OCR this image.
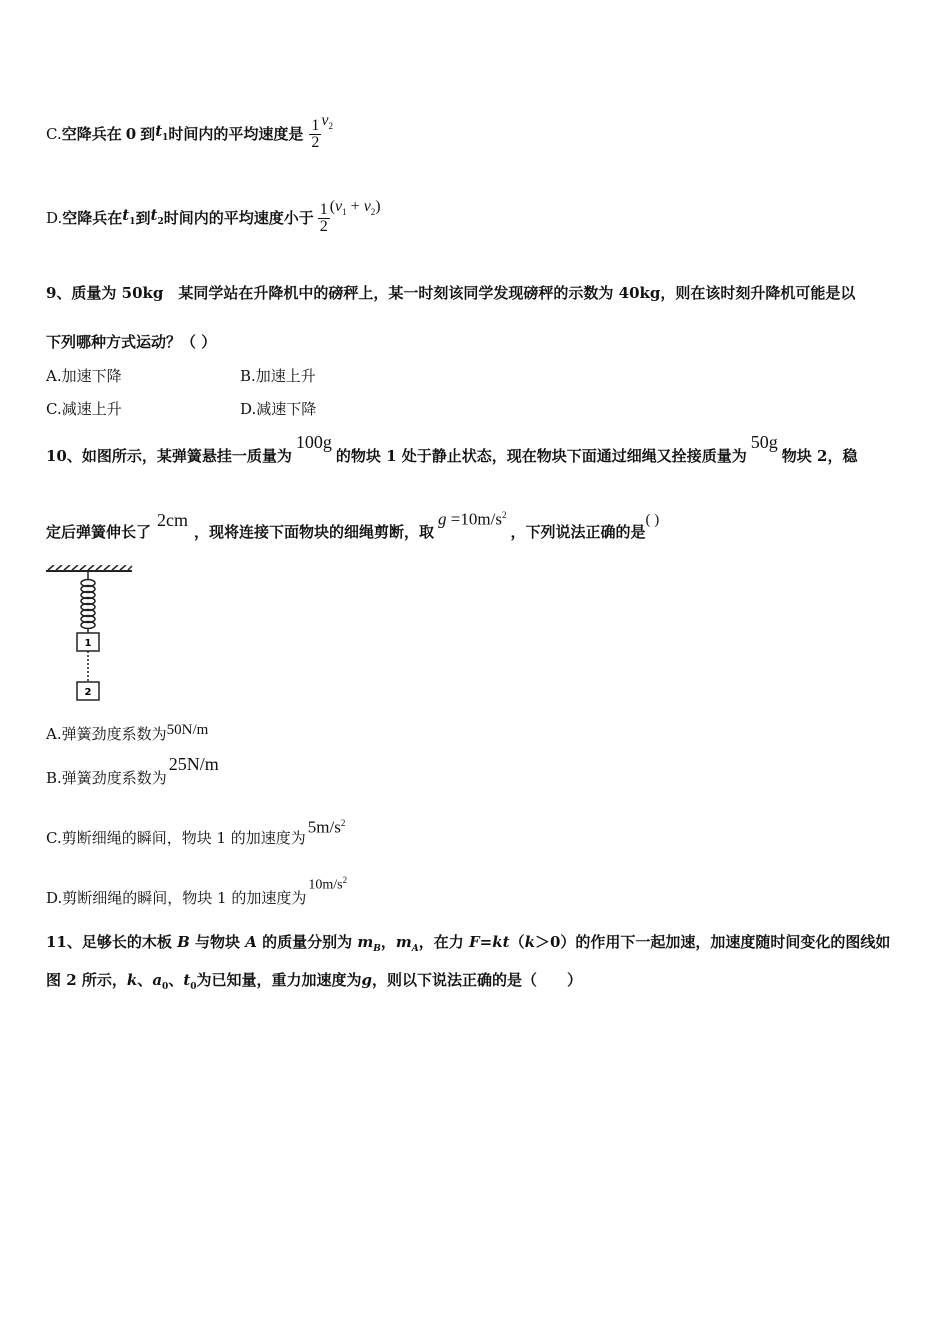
C. 空降兵在 0 到 $t_1$ 时间内的平均速度是 $\frac{1}{2} v_2$
D. 空降兵在 $t_1$ 到 $t_2$ 时间内的平均速度小于 $\frac{1}{2} (v_1 + v_2)$
9、质量为 50kg　某同学站在升降机中的磅秤上，某一时刻该同学发现磅秤的示数为 40kg，则在该时刻升降机可能是以
下列哪种方式运动？（ ）
A.加速下降	B.加速上升
C.减速上升	D.减速下降
10、如图所示，某弹簧悬挂一质量为
100g
的物块 1 处于静止状态，现在物块下面通过细绳又拴接质量为
50g
物块 2，稳
定后弹簧伸长了
2cm
，现将连接下面物块的细绳剪断，取
$g =10m/s^2$
，下列说法正确的是
( )
1
2
A.弹簧劲度系数为 50N/m
B.弹簧劲度系数为
25N/m
C.剪断细绳的瞬间，物块 1 的加速度为
$5m/s^2$
D.剪断细绳的瞬间，物块 1 的加速度为
$10m/s^2$
11、足够长的木板 B 与物块 A 的质量分别为 $m_B$，$m_A$，在力 F=kt（k＞0）的作用下一起加速，加速度随时间变化的图线如
图 2 所示，k、$a_0$、$t_0$为已知量，重力加速度为g，则以下说法正确的是（　　）
